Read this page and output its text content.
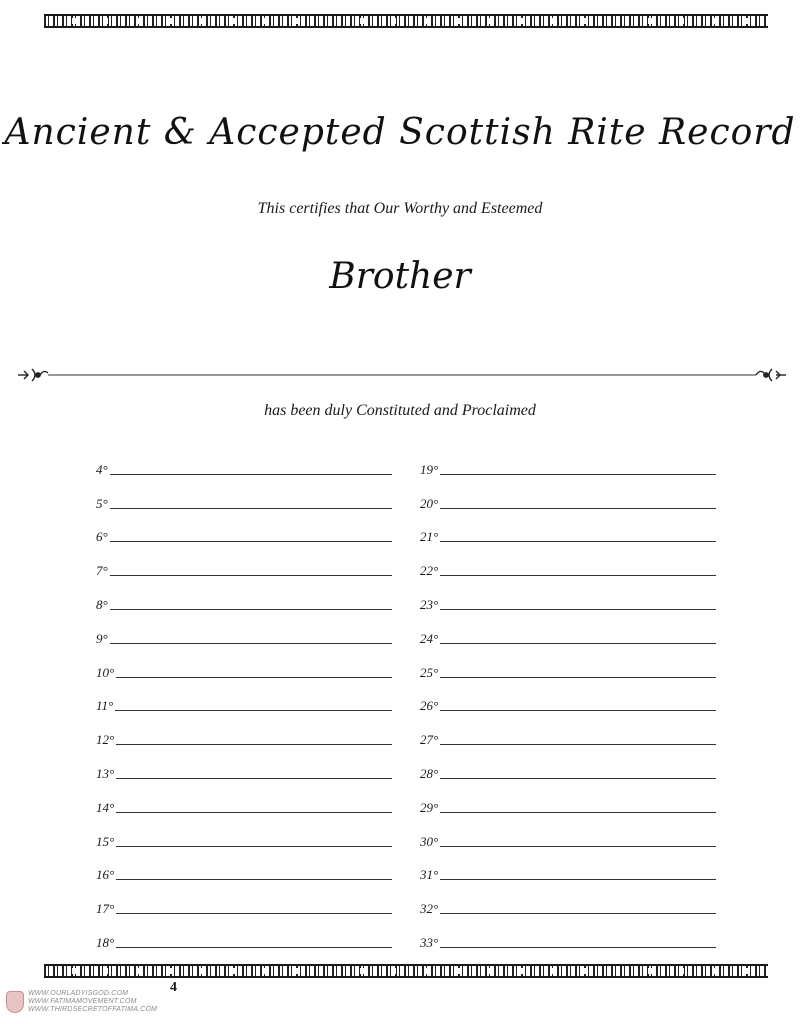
Ancient & Accepted Scottish Rite Record
This certifies that Our Worthy and Esteemed
Brother
has been duly Constituted and Proclaimed
4°
5°
6°
7°
8°
9°
10°
11°
12°
13°
14°
15°
16°
17°
18°
19°
20°
21°
22°
23°
24°
25°
26°
27°
28°
29°
30°
31°
32°
33°
4
WWW.OURLADYISGOD.COM
WWW.FATIMAMOVEMENT.COM
WWW.THIRDSECRETOFFATIMA.COM
